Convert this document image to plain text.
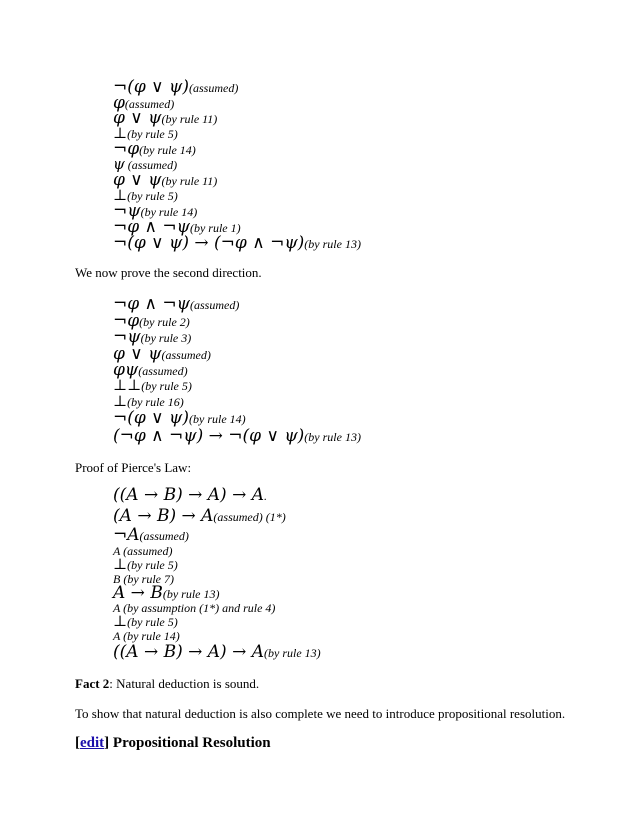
¬(φ ∨ ψ)(assumed)
φ(assumed)
φ ∨ ψ(by rule 11)
⊥(by rule 5)
¬φ(by rule 14)
ψ (assumed)
φ ∨ ψ(by rule 11)
⊥(by rule 5)
¬ψ(by rule 14)
¬φ ∧ ¬ψ(by rule 1)
¬(φ ∨ ψ) → (¬φ ∧ ¬ψ)(by rule 13)
We now prove the second direction.
¬φ ∧ ¬ψ(assumed)
¬φ(by rule 2)
¬ψ(by rule 3)
φ ∨ ψ(assumed)
φψ(assumed)
⊥⊥(by rule 5)
⊥(by rule 16)
¬(φ ∨ ψ)(by rule 14)
(¬φ ∧ ¬ψ) → ¬(φ ∨ ψ)(by rule 13)
Proof of Pierce's Law:
((A → B) → A) → A.
(A → B) → A(assumed) (1*)
¬A(assumed)
A (assumed)
⊥(by rule 5)
B (by rule 7)
A → B(by rule 13)
A (by assumption (1*) and rule 4)
⊥(by rule 5)
A (by rule 14)
((A → B) → A) → A(by rule 13)
Fact 2: Natural deduction is sound.
To show that natural deduction is also complete we need to introduce propositional resolution.
[edit] Propositional Resolution
